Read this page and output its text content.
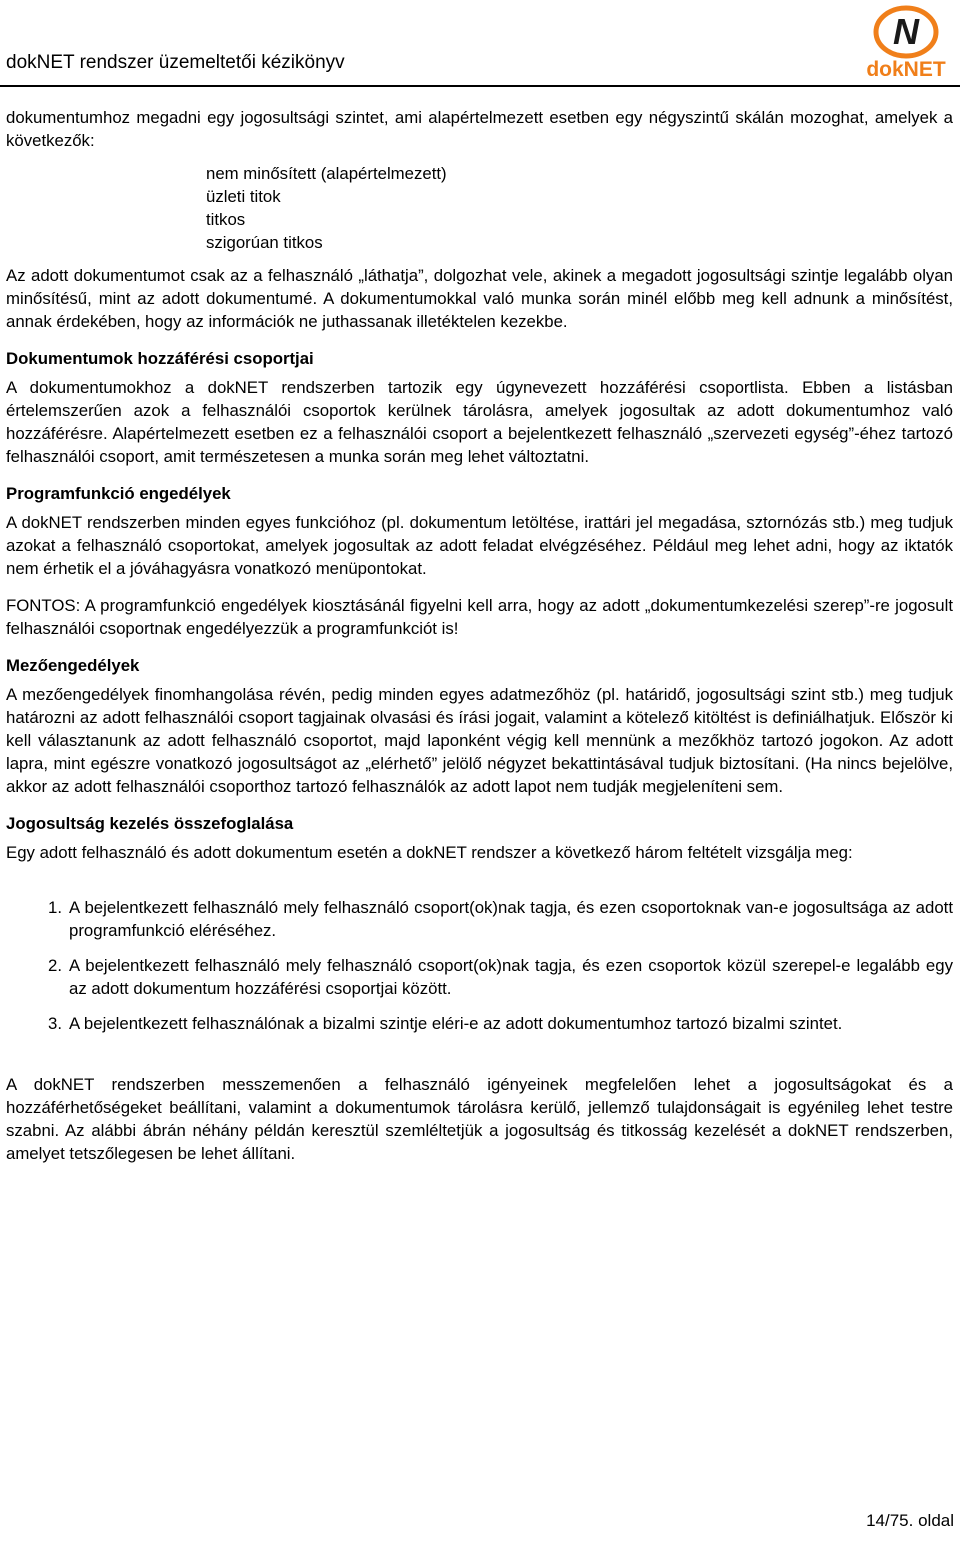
dokNET rendszer üzemeltetői kézikönyv
N
dokNET

dokumentumhoz megadni egy jogosultsági szintet, ami alapértelmezett esetben egy négyszintű skálán mozoghat, amelyek a következők:

nem minősített (alapértelmezett)
üzleti titok
titkos
szigorúan titkos

Az adott dokumentumot csak az a felhasználó „láthatja”, dolgozhat vele, akinek a megadott jogosultsági szintje legalább olyan minősítésű, mint az adott dokumentumé. A dokumentumokkal való munka során minél előbb meg kell adnunk a minősítést, annak érdekében, hogy az információk ne juthassanak illetéktelen kezekbe.

Dokumentumok hozzáférési csoportjai

A dokumentumokhoz a dokNET rendszerben tartozik egy úgynevezett hozzáférési csoportlista. Ebben a listásban értelemszerűen azok a felhasználói csoportok kerülnek tárolásra, amelyek jogosultak az adott dokumentumhoz való hozzáférésre. Alapértelmezett esetben ez a felhasználói csoport a bejelentkezett felhasználó „szervezeti egység”-éhez tartozó felhasználói csoport, amit természetesen a munka során meg lehet változtatni.

Programfunkció engedélyek

A dokNET rendszerben minden egyes funkcióhoz (pl. dokumentum letöltése, irattári jel megadása, sztornózás stb.) meg tudjuk azokat a felhasználó csoportokat, amelyek jogosultak az adott feladat elvégzéséhez. Például meg lehet adni, hogy az iktatók nem érhetik el a jóváhagyásra vonatkozó menüpontokat.

FONTOS: A programfunkció engedélyek kiosztásánál figyelni kell arra, hogy az adott „dokumentumkezelési szerep”-re jogosult felhasználói csoportnak engedélyezzük a programfunkciót is!

Mezőengedélyek

A mezőengedélyek finomhangolása révén, pedig minden egyes adatmezőhöz (pl. határidő, jogosultsági szint stb.) meg tudjuk határozni az adott felhasználói csoport tagjainak olvasási és írási jogait, valamint a kötelező kitöltést is definiálhatjuk. Először ki kell választanunk az adott felhasználó csoportot, majd laponként végig kell mennünk a mezőkhöz tartozó jogokon. Az adott lapra, mint egészre vonatkozó jogosultságot az „elérhető” jelölő négyzet bekattintásával tudjuk biztosítani. (Ha nincs bejelölve, akkor az adott felhasználói csoporthoz tartozó felhasználók az adott lapot nem tudják megjeleníteni sem.

Jogosultság kezelés összefoglalása

Egy adott felhasználó és adott dokumentum esetén a dokNET rendszer a következő három feltételt vizsgálja meg:

1. A bejelentkezett felhasználó mely felhasználó csoport(ok)nak tagja, és ezen csoportoknak van-e jogosultsága az adott programfunkció eléréséhez.
2. A bejelentkezett felhasználó mely felhasználó csoport(ok)nak tagja, és ezen csoportok közül szerepel-e legalább egy az adott dokumentum hozzáférési csoportjai között.
3. A bejelentkezett felhasználónak a bizalmi szintje eléri-e az adott dokumentumhoz tartozó bizalmi szintet.

A dokNET rendszerben messzemenően a felhasználó igényeinek megfelelően lehet a jogosultságokat és a hozzáférhetőségeket beállítani, valamint a dokumentumok tárolásra kerülő, jellemző tulajdonságait is egyénileg lehet testre szabni. Az alábbi ábrán néhány példán keresztül szemléltetjük a jogosultság és titkosság kezelését a dokNET rendszerben, amelyet tetszőlegesen be lehet állítani.

14/75. oldal
